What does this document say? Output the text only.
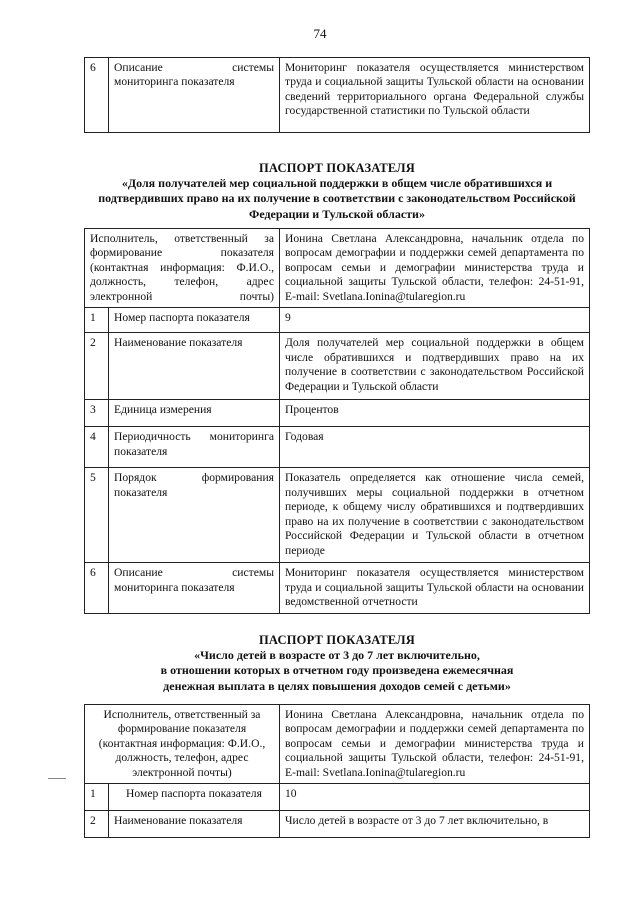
74
6	Описание системы мониторинга показателя	Мониторинг показателя осуществляется министерством труда и социальной защиты Тульской области на основании сведений территориального органа Федеральной службы государственной статистики по Тульской области
ПАСПОРТ ПОКАЗАТЕЛЯ
«Доля получателей мер социальной поддержки в общем числе обратившихся и
подтвердивших право на их получение в соответствии с законодательством Российской
Федерации и Тульской области»
Исполнитель, ответственный за формирование показателя (контактная информация: Ф.И.О., должность, телефон, адрес электронной почты)		Ионина Светлана Александровна, начальник отдела по вопросам демографии и поддержки семей департамента по вопросам семьи и демографии министерства труда и социальной защиты Тульской области, телефон: 24-51-91, E-mail: Svetlana.Ionina@tularegion.ru
1	Номер паспорта показателя	9
2	Наименование показателя	Доля получателей мер социальной поддержки в общем числе обратившихся и подтвердивших право на их получение в соответствии с законодательством Российской Федерации и Тульской области
3	Единица измерения	Процентов
4	Периодичность мониторинга показателя	Годовая
5	Порядок формирования показателя	Показатель определяется как отношение числа семей, получивших меры социальной поддержки в отчетном периоде, к общему числу обратившихся и подтвердивших право на их получение в соответствии с законодательством Российской Федерации и Тульской области в отчетном периоде
6	Описание системы мониторинга показателя	Мониторинг показателя осуществляется министерством труда и социальной защиты Тульской области на основании ведомственной отчетности
ПАСПОРТ ПОКАЗАТЕЛЯ
«Число детей в возрасте от 3 до 7 лет включительно,
в отношении которых в отчетном году произведена ежемесячная
денежная выплата в целях повышения доходов семей с детьми»
Исполнитель, ответственный за формирование показателя (контактная информация: Ф.И.О., должность, телефон, адрес электронной почты)		Ионина Светлана Александровна, начальник отдела по вопросам демографии и поддержки семей департамента по вопросам семьи и демографии министерства труда и социальной защиты Тульской области, телефон: 24-51-91, E-mail: Svetlana.Ionina@tularegion.ru
1	Номер паспорта показателя	10
2	Наименование показателя	Число детей в возрасте от 3 до 7 лет включительно, в
